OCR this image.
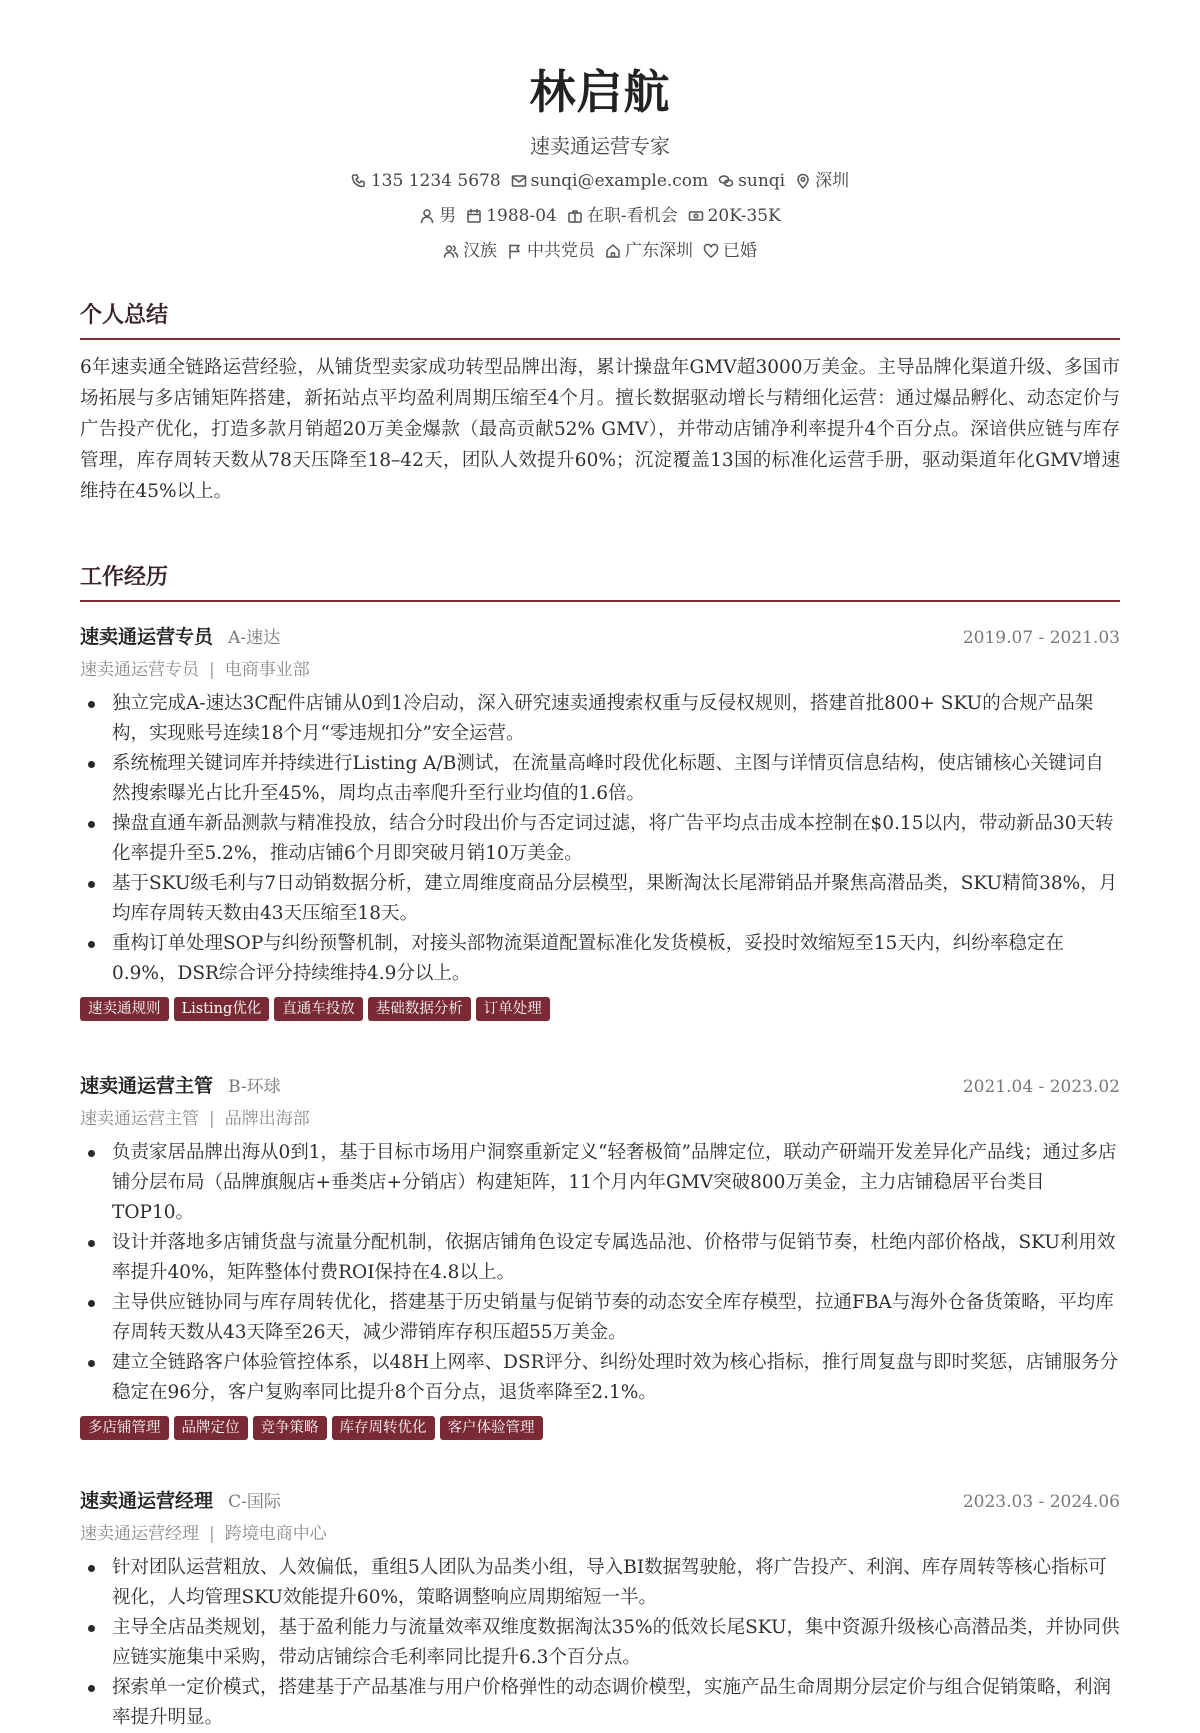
林启航
速卖通运营专家
135 1234 5678 sunqi@example.com sunqi 深圳
男 1988-04 在职-看机会 20K-35K
汉族 中共党员 广东深圳 已婚
个人总结
6年速卖通全链路运营经验，从铺货型卖家成功转型品牌出海，累计操盘年GMV超3000万美金。主导品牌化渠道升级、多国市场拓展与多店铺矩阵搭建，新拓站点平均盈利周期压缩至4个月。擅长数据驱动增长与精细化运营：通过爆品孵化、动态定价与广告投产优化，打造多款月销超20万美金爆款（最高贡献52% GMV），并带动店铺净利率提升4个百分点。深谙供应链与库存管理，库存周转天数从78天压降至18–42天，团队人效提升60%；沉淀覆盖13国的标准化运营手册，驱动渠道年化GMV增速维持在45%以上。
工作经历
速卖通运营专员 A-速达	2019.07 - 2021.03
速卖通运营专员 | 电商事业部
独立完成A-速达3C配件店铺从0到1冷启动，深入研究速卖通搜索权重与反侵权规则，搭建首批800+ SKU的合规产品架构，实现账号连续18个月“零违规扣分”安全运营。
系统梳理关键词库并持续进行Listing A/B测试，在流量高峰时段优化标题、主图与详情页信息结构，使店铺核心关键词自然搜索曝光占比升至45%，周均点击率爬升至行业均值的1.6倍。
操盘直通车新品测款与精准投放，结合分时段出价与否定词过滤，将广告平均点击成本控制在$0.15以内，带动新品30天转化率提升至5.2%，推动店铺6个月即突破月销10万美金。
基于SKU级毛利与7日动销数据分析，建立周维度商品分层模型，果断淘汰长尾滞销品并聚焦高潜品类，SKU精简38%，月均库存周转天数由43天压缩至18天。
重构订单处理SOP与纠纷预警机制，对接头部物流渠道配置标准化发货模板，妥投时效缩短至15天内，纠纷率稳定在0.9%，DSR综合评分持续维持4.9分以上。
速卖通规则	Listing优化	直通车投放	基础数据分析	订单处理
速卖通运营主管 B-环球	2021.04 - 2023.02
速卖通运营主管 | 品牌出海部
负责家居品牌出海从0到1，基于目标市场用户洞察重新定义“轻奢极简”品牌定位，联动产研端开发差异化产品线；通过多店铺分层布局（品牌旗舰店+垂类店+分销店）构建矩阵，11个月内年GMV突破800万美金，主力店铺稳居平台类目TOP10。
设计并落地多店铺货盘与流量分配机制，依据店铺角色设定专属选品池、价格带与促销节奏，杜绝内部价格战，SKU利用效率提升40%，矩阵整体付费ROI保持在4.8以上。
主导供应链协同与库存周转优化，搭建基于历史销量与促销节奏的动态安全库存模型，拉通FBA与海外仓备货策略，平均库存周转天数从43天降至26天，减少滞销库存积压超55万美金。
建立全链路客户体验管控体系，以48H上网率、DSR评分、纠纷处理时效为核心指标，推行周复盘与即时奖惩，店铺服务分稳定在96分，客户复购率同比提升8个百分点，退货率降至2.1%。
多店铺管理	品牌定位	竞争策略	库存周转优化	客户体验管理
速卖通运营经理 C-国际	2023.03 - 2024.06
速卖通运营经理 | 跨境电商中心
针对团队运营粗放、人效偏低，重组5人团队为品类小组，导入BI数据驾驶舱，将广告投产、利润、库存周转等核心指标可视化，人均管理SKU效能提升60%，策略调整响应周期缩短一半。
主导全店品类规划，基于盈利能力与流量效率双维度数据淘汰35%的低效长尾SKU，集中资源升级核心高潜品类，并协同供应链实施集中采购，带动店铺综合毛利率同比提升6.3个百分点。
探索单一定价模式，搭建基于产品基准与用户价格弹性的动态调价模型，实施产品生命周期分层定价与组合促销策略，利润率提升明显。
